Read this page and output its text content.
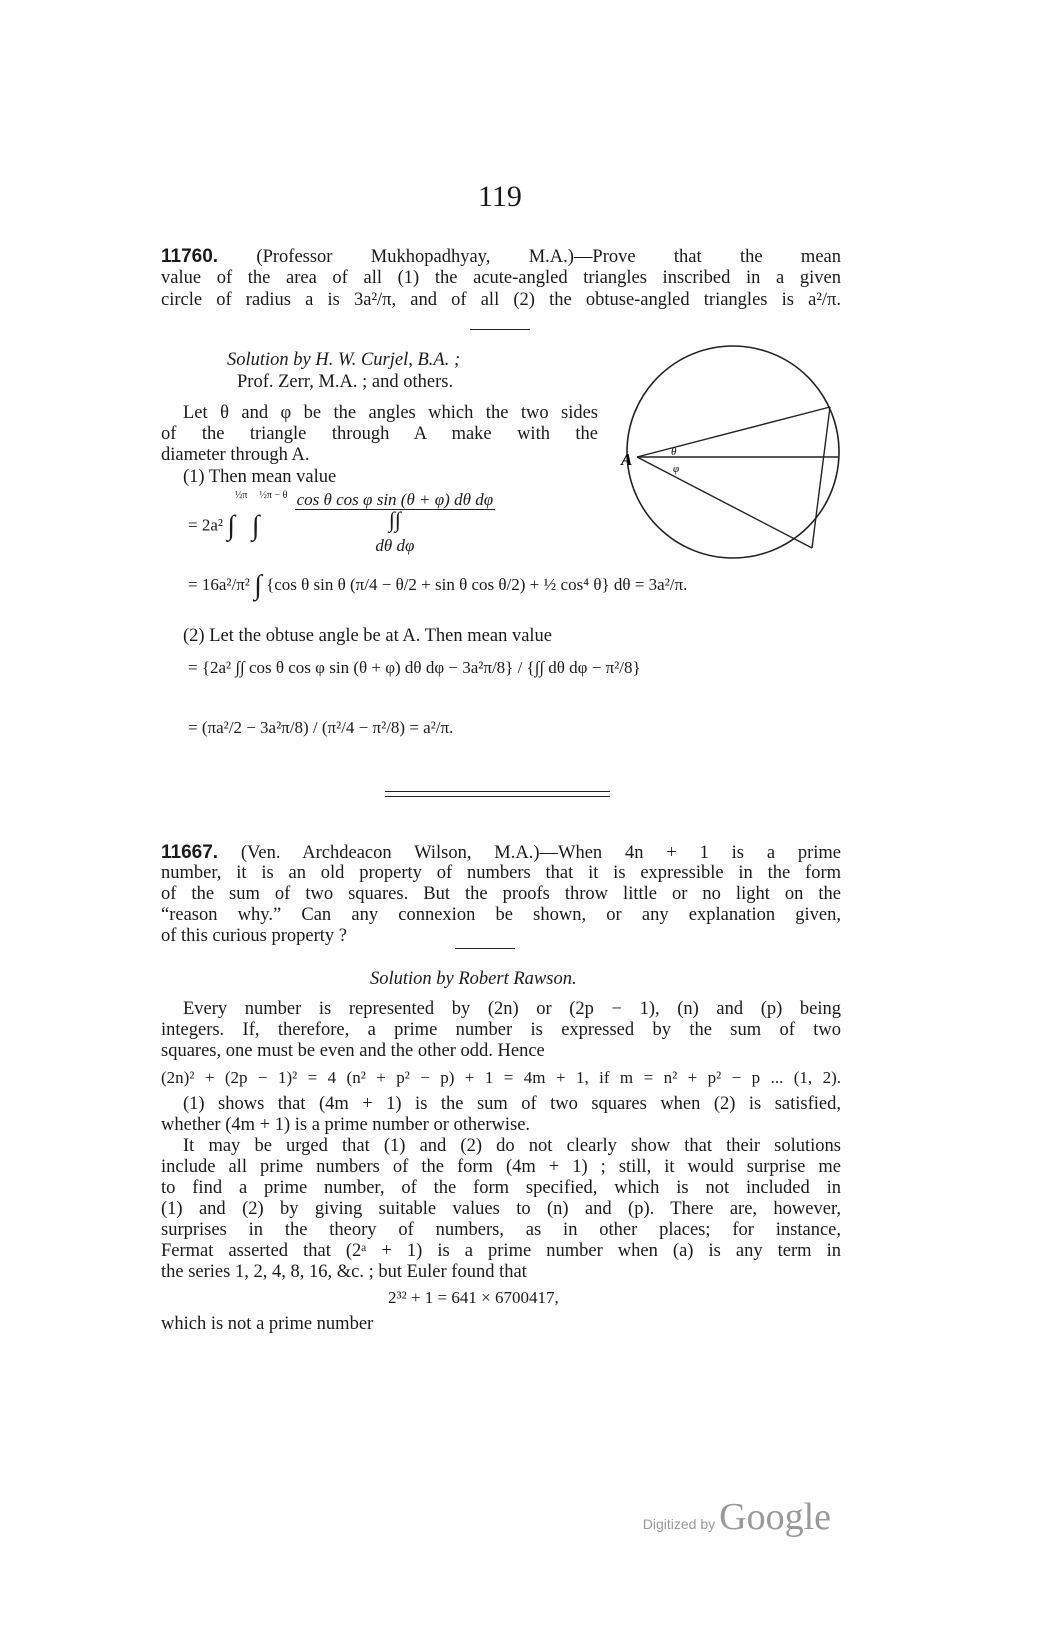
119
11760. (Professor Mukhopadhyay, M.A.)—Prove that the mean
value of the area of all (1) the acute-angled triangles inscribed in a given
circle of radius a is 3a²/π, and of all (2) the obtuse-angled triangles is a²/π.
Solution by H. W. Curjel, B.A. ;
Prof. Zerr, M.A. ; and others.
Let θ and φ be the angles which the two sides
of the triangle through A make with the
diameter through A.
(1) Then mean value
A	θ
φ
= 2a² ∫$^{\frac{1}{2}\pi}$ ∫$^{\frac{1}{2}\pi - \theta}$ cos θ cos φ sin (θ + φ) dθ dφ
∫∫
dθ dφ
= 16a²/π² ∫ {cos θ sin θ (π/4 − θ/2 + sin θ cos θ/2) + ½ cos⁴ θ} dθ = 3a²/π.
(2) Let the obtuse angle be at A. Then mean value
= {2a² ∫∫ cos θ cos φ sin (θ + φ) dθ dφ − 3a²π/8} / {∫∫ dθ dφ − π²/8}
= (πa²/2 − 3a²π/8) / (π²/4 − π²/8) = a²/π.
11667. (Ven. Archdeacon Wilson, M.A.)—When 4n + 1 is a prime
number, it is an old property of numbers that it is expressible in the form
of the sum of two squares. But the proofs throw little or no light on the
“reason why.” Can any connexion be shown, or any explanation given,
of this curious property ?
Solution by Robert Rawson.
Every number is represented by (2n) or (2p − 1), (n) and (p) being
integers. If, therefore, a prime number is expressed by the sum of two
squares, one must be even and the other odd. Hence
(2n)² + (2p − 1)² = 4 (n² + p² − p) + 1 = 4m + 1, if m = n² + p² − p ... (1, 2).
(1) shows that (4m + 1) is the sum of two squares when (2) is satisfied,
whether (4m + 1) is a prime number or otherwise.
It may be urged that (1) and (2) do not clearly show that their solutions
include all prime numbers of the form (4m + 1) ; still, it would surprise me
to find a prime number, of the form specified, which is not included in
(1) and (2) by giving suitable values to (n) and (p). There are, however,
surprises in the theory of numbers, as in other places; for instance,
Fermat asserted that (2ᵃ + 1) is a prime number when (a) is any term in
the series 1, 2, 4, 8, 16, &c. ; but Euler found that
2³² + 1 = 641 × 6700417,
which is not a prime number
Digitized by Google
